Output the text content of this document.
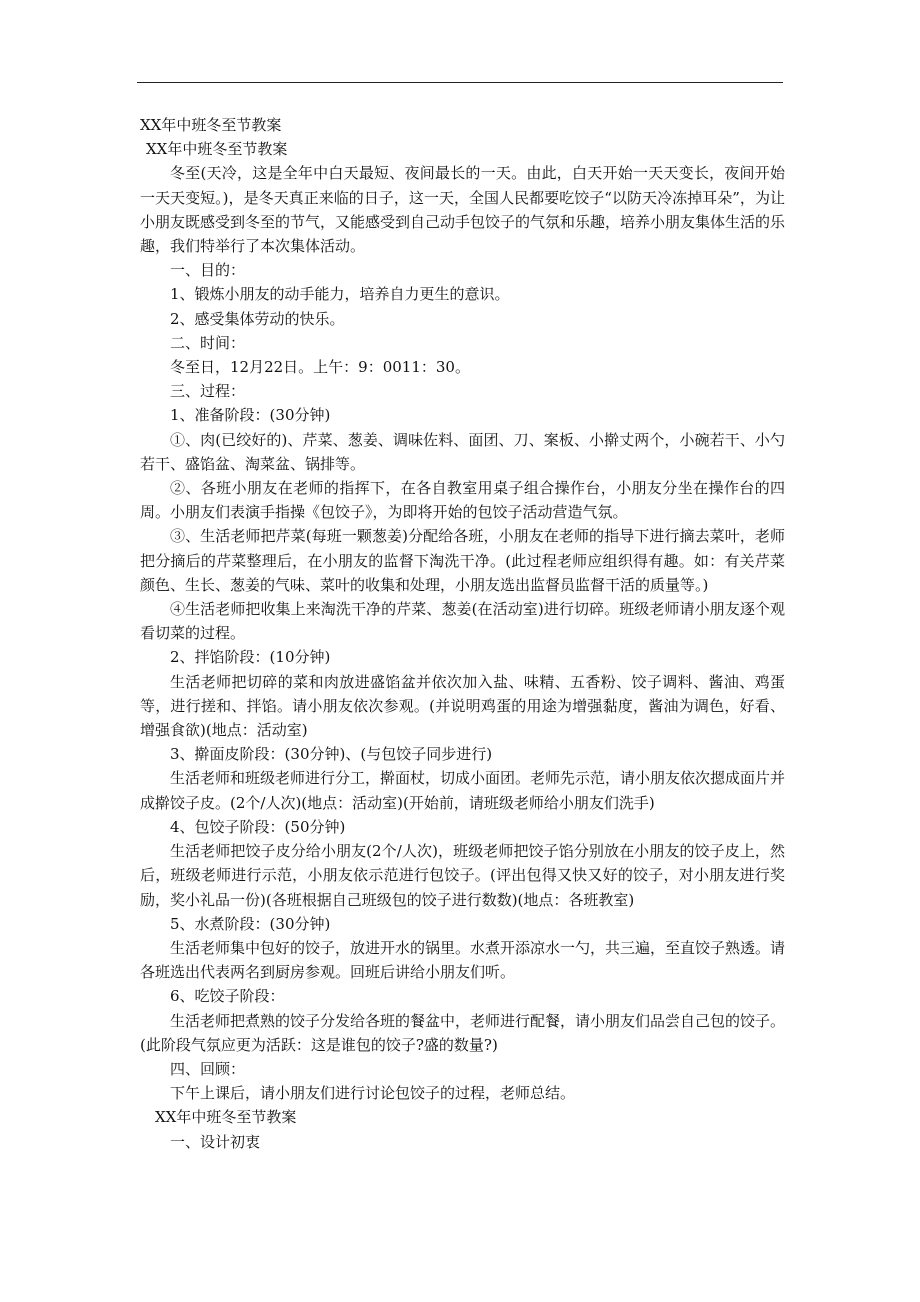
XX年中班冬至节教案

XX年中班冬至节教案

冬至(天冷，这是全年中白天最短、夜间最长的一天。由此，白天开始一天天变长，夜间开始一天天变短。)，是冬天真正来临的日子，这一天，全国人民都要吃饺子“以防天冷冻掉耳朵”，为让小朋友既感受到冬至的节气，又能感受到自己动手包饺子的气氛和乐趣，培养小朋友集体生活的乐趣，我们特举行了本次集体活动。

一、目的：

1、锻炼小朋友的动手能力，培养自力更生的意识。

2、感受集体劳动的快乐。

二、时间：

冬至日，12月22日。上午：9：0011：30。

三、过程：

1、准备阶段：(30分钟)

①、肉(已绞好的)、芹菜、葱姜、调味佐料、面团、刀、案板、小擀丈两个，小碗若干、小勺若干、盛馅盆、淘菜盆、锅排等。

②、各班小朋友在老师的指挥下，在各自教室用桌子组合操作台，小朋友分坐在操作台的四周。小朋友们表演手指操《包饺子》，为即将开始的包饺子活动营造气氛。

③、生活老师把芹菜(每班一颗葱姜)分配给各班，小朋友在老师的指导下进行摘去菜叶，老师把分摘后的芹菜整理后，在小朋友的监督下淘洗干净。(此过程老师应组织得有趣。如：有关芹菜颜色、生长、葱姜的气味、菜叶的收集和处理，小朋友选出监督员监督干活的质量等。)

④生活老师把收集上来淘洗干净的芹菜、葱姜(在活动室)进行切碎。班级老师请小朋友逐个观看切菜的过程。

2、拌馅阶段：(10分钟)

生活老师把切碎的菜和肉放进盛馅盆并依次加入盐、味精、五香粉、饺子调料、酱油、鸡蛋等，进行搓和、拌馅。请小朋友依次参观。(并说明鸡蛋的用途为增强黏度，酱油为调色，好看、增强食欲)(地点：活动室)

3、擀面皮阶段：(30分钟)、(与包饺子同步进行)

生活老师和班级老师进行分工，擀面杖，切成小面团。老师先示范，请小朋友依次摁成面片并成擀饺子皮。(2个/人次)(地点：活动室)(开始前，请班级老师给小朋友们洗手)

4、包饺子阶段：(50分钟)

生活老师把饺子皮分给小朋友(2个/人次)，班级老师把饺子馅分别放在小朋友的饺子皮上，然后，班级老师进行示范，小朋友依示范进行包饺子。(评出包得又快又好的饺子，对小朋友进行奖励，奖小礼品一份)(各班根据自己班级包的饺子进行数数)(地点：各班教室)

5、水煮阶段：(30分钟)

生活老师集中包好的饺子，放进开水的锅里。水煮开添凉水一勺，共三遍，至直饺子熟透。请各班选出代表两名到厨房参观。回班后讲给小朋友们听。

6、吃饺子阶段：

生活老师把煮熟的饺子分发给各班的餐盆中，老师进行配餐，请小朋友们品尝自己包的饺子。(此阶段气氛应更为活跃：这是谁包的饺子?盛的数量?)

四、回顾：

下午上课后，请小朋友们进行讨论包饺子的过程，老师总结。

XX年中班冬至节教案

一、设计初衷
